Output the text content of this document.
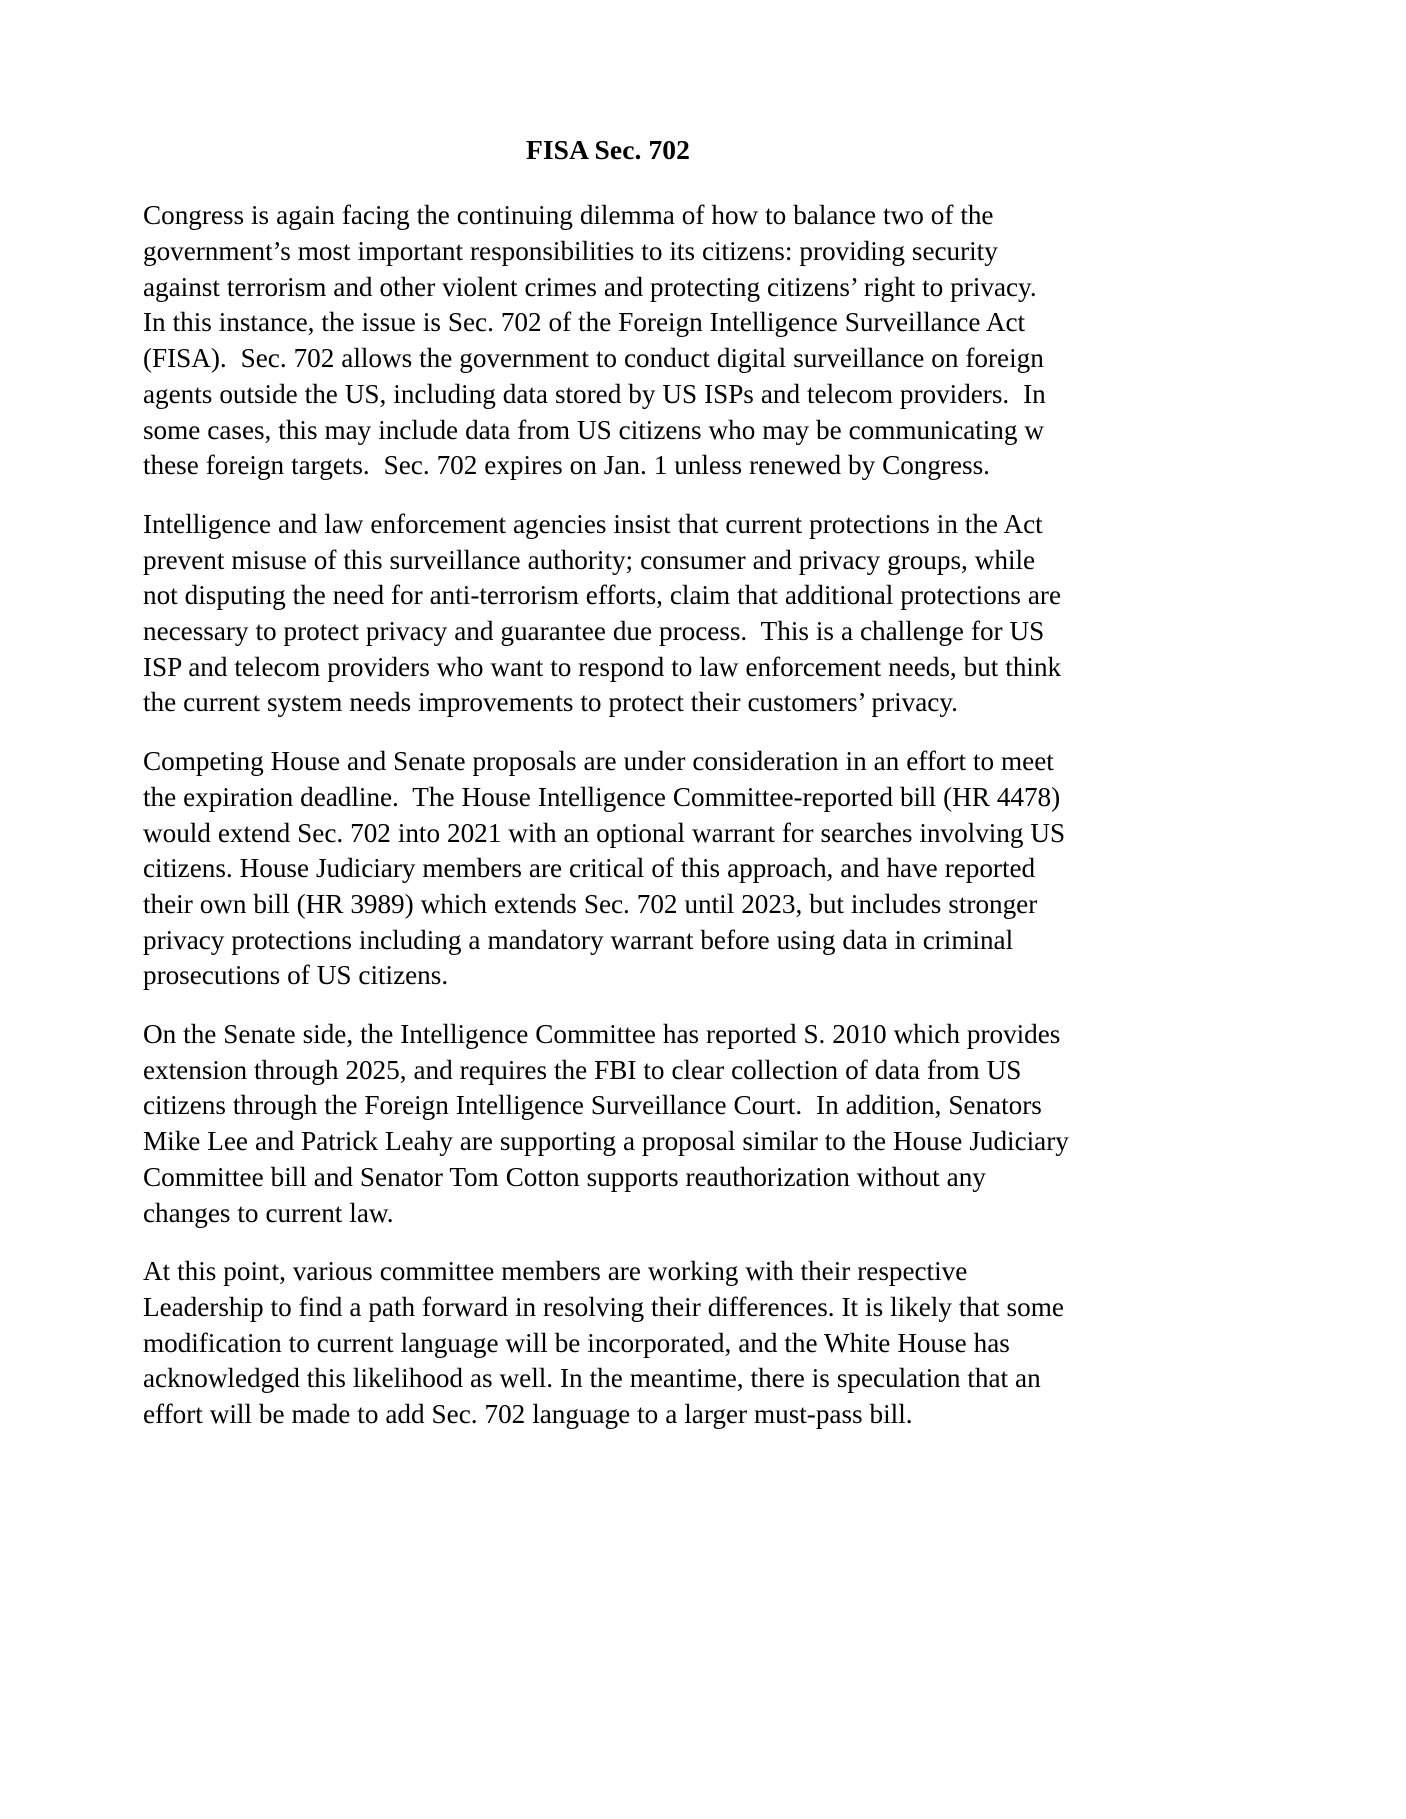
FISA Sec. 702

Congress is again facing the continuing dilemma of how to balance two of the government’s most important responsibilities to its citizens: providing security against terrorism and other violent crimes and protecting citizens’ right to privacy.  In this instance, the issue is Sec. 702 of the Foreign Intelligence Surveillance Act (FISA).  Sec. 702 allows the government to conduct digital surveillance on foreign agents outside the US, including data stored by US ISPs and telecom providers.  In some cases, this may include data from US citizens who may be communicating w these foreign targets.  Sec. 702 expires on Jan. 1 unless renewed by Congress.

Intelligence and law enforcement agencies insist that current protections in the Act prevent misuse of this surveillance authority; consumer and privacy groups, while not disputing the need for anti-terrorism efforts, claim that additional protections are necessary to protect privacy and guarantee due process.  This is a challenge for US ISP and telecom providers who want to respond to law enforcement needs, but think the current system needs improvements to protect their customers’ privacy.

Competing House and Senate proposals are under consideration in an effort to meet the expiration deadline.  The House Intelligence Committee-reported bill (HR 4478) would extend Sec. 702 into 2021 with an optional warrant for searches involving US citizens. House Judiciary members are critical of this approach, and have reported their own bill (HR 3989) which extends Sec. 702 until 2023, but includes stronger privacy protections including a mandatory warrant before using data in criminal prosecutions of US citizens.

On the Senate side, the Intelligence Committee has reported S. 2010 which provides extension through 2025, and requires the FBI to clear collection of data from US citizens through the Foreign Intelligence Surveillance Court.  In addition, Senators Mike Lee and Patrick Leahy are supporting a proposal similar to the House Judiciary Committee bill and Senator Tom Cotton supports reauthorization without any changes to current law.

At this point, various committee members are working with their respective Leadership to find a path forward in resolving their differences. It is likely that some modification to current language will be incorporated, and the White House has acknowledged this likelihood as well. In the meantime, there is speculation that an effort will be made to add Sec. 702 language to a larger must-pass bill.
